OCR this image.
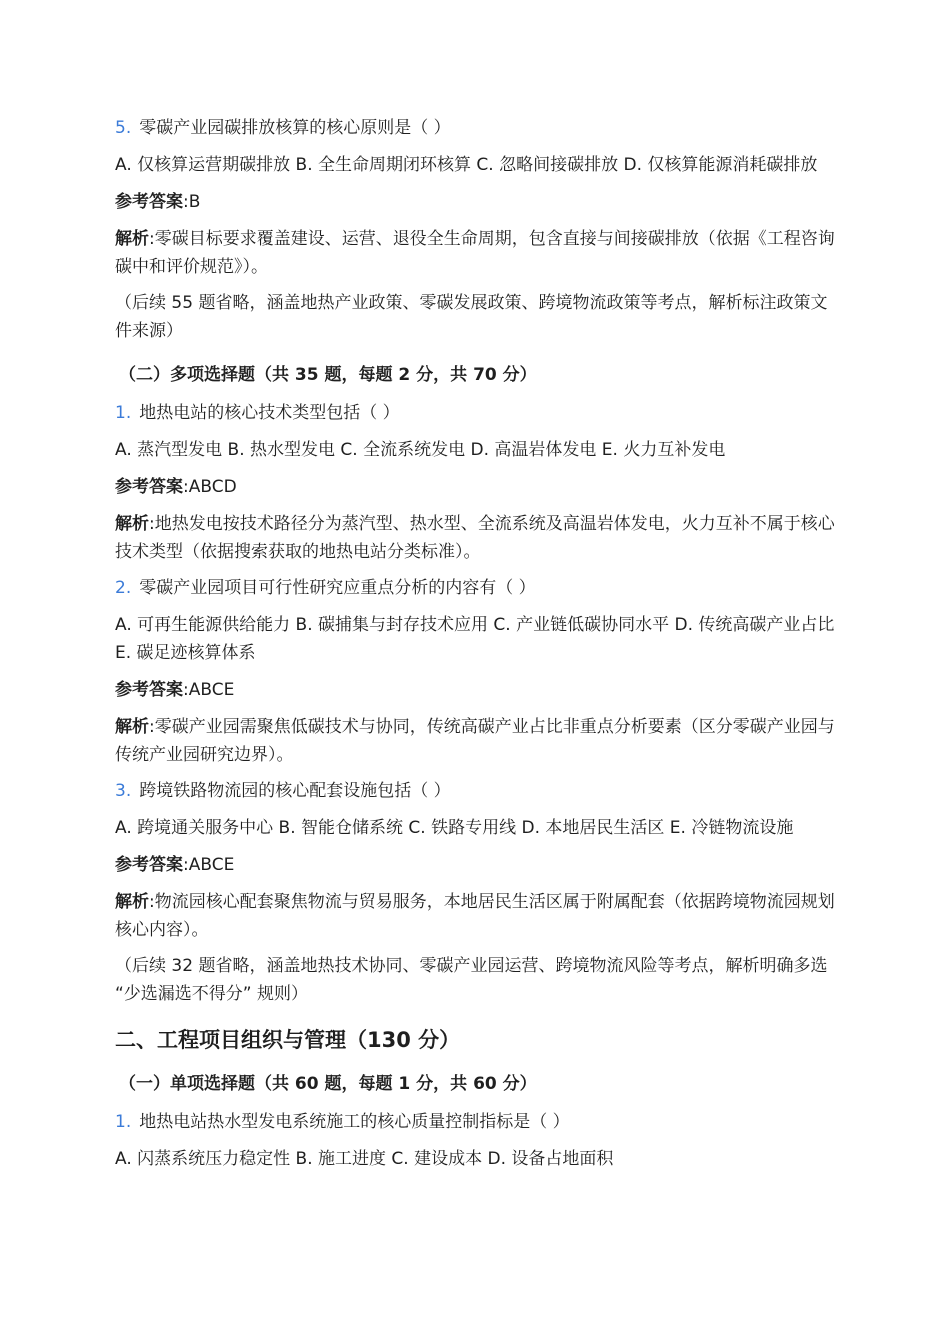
5. 零碳产业园碳排放核算的核心原则是（ ）

A. 仅核算运营期碳排放 B. 全生命周期闭环核算 C. 忽略间接碳排放 D. 仅核算能源消耗碳排放

参考答案:B

解析:零碳目标要求覆盖建设、运营、退役全生命周期，包含直接与间接碳排放（依据《工程咨询碳中和评价规范》）。

（后续 55 题省略，涵盖地热产业政策、零碳发展政策、跨境物流政策等考点，解析标注政策文件来源）

（二）多项选择题（共 35 题，每题 2 分，共 70 分）

1. 地热电站的核心技术类型包括（ ）

A. 蒸汽型发电 B. 热水型发电 C. 全流系统发电 D. 高温岩体发电 E. 火力互补发电

参考答案:ABCD

解析:地热发电按技术路径分为蒸汽型、热水型、全流系统及高温岩体发电，火力互补不属于核心技术类型（依据搜索获取的地热电站分类标准）。

2. 零碳产业园项目可行性研究应重点分析的内容有（ ）

A. 可再生能源供给能力 B. 碳捕集与封存技术应用 C. 产业链低碳协同水平 D. 传统高碳产业占比 E. 碳足迹核算体系

参考答案:ABCE

解析:零碳产业园需聚焦低碳技术与协同，传统高碳产业占比非重点分析要素（区分零碳产业园与传统产业园研究边界）。

3. 跨境铁路物流园的核心配套设施包括（ ）

A. 跨境通关服务中心 B. 智能仓储系统 C. 铁路专用线 D. 本地居民生活区 E. 冷链物流设施

参考答案:ABCE

解析:物流园核心配套聚焦物流与贸易服务，本地居民生活区属于附属配套（依据跨境物流园规划核心内容）。

（后续 32 题省略，涵盖地热技术协同、零碳产业园运营、跨境物流风险等考点，解析明确多选 “少选漏选不得分” 规则）

二、工程项目组织与管理（130 分）

（一）单项选择题（共 60 题，每题 1 分，共 60 分）

1. 地热电站热水型发电系统施工的核心质量控制指标是（ ）

A. 闪蒸系统压力稳定性 B. 施工进度 C. 建设成本 D. 设备占地面积
